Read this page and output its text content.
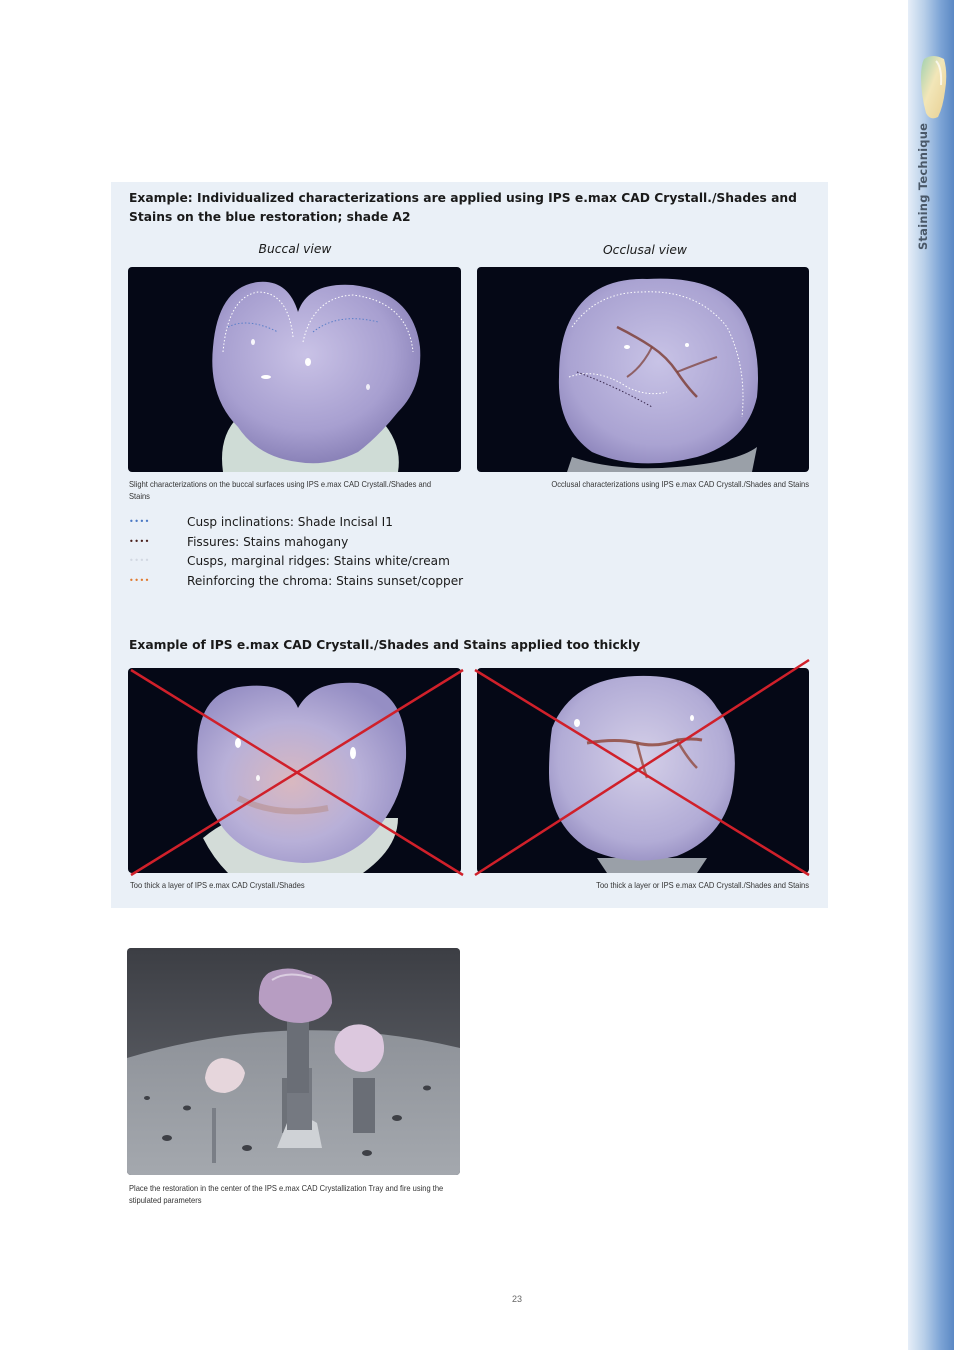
Staining Technique
Example: Individualized characterizations are applied using IPS e.max CAD Crystall./Shades and Stains on the blue restoration; shade A2
Buccal view	Occlusal view
Slight characterizations on the buccal surfaces using IPS e.max CAD Crystall./Shades and Stains
Occlusal characterizations using IPS e.max CAD Crystall./Shades and Stains
••••	Cusp inclinations: Shade Incisal I1
••••	Fissures: Stains mahogany
••••	Cusps, marginal ridges: Stains white/cream
••••	Reinforcing the chroma: Stains sunset/copper
Example of IPS e.max CAD Crystall./Shades and Stains applied too thickly
Too thick a layer of IPS e.max CAD Crystall./Shades	Too thick a layer or IPS e.max CAD Crystall./Shades and Stains
Place the restoration in the center of the IPS e.max CAD Crystallization Tray and fire using the stipulated parameters
23
